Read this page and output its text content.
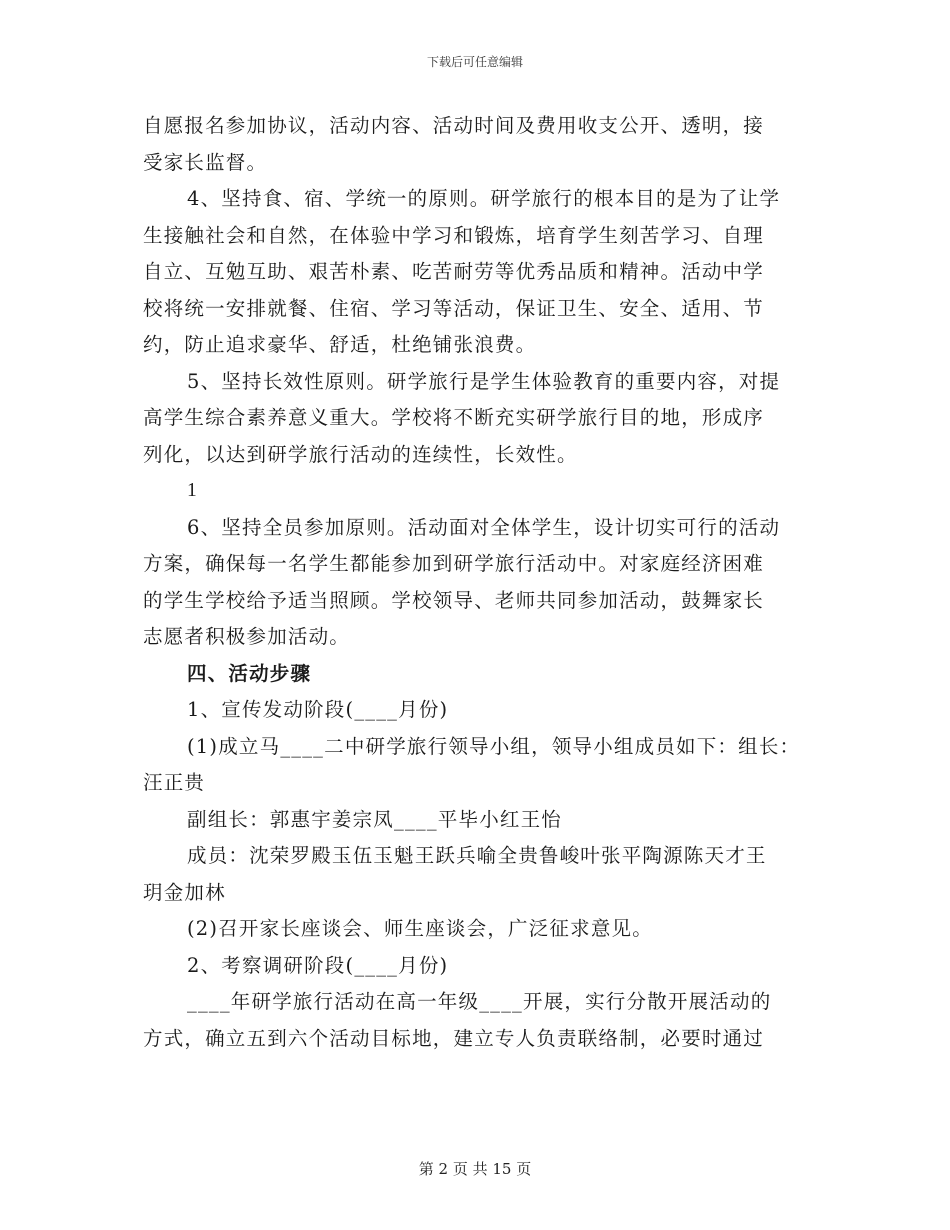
下载后可任意编辑
自愿报名参加协议，活动内容、活动时间及费用收支公开、透明，接
受家长监督。
4、坚持食、宿、学统一的原则。研学旅行的根本目的是为了让学
生接触社会和自然，在体验中学习和锻炼，培育学生刻苦学习、自理
自立、互勉互助、艰苦朴素、吃苦耐劳等优秀品质和精神。活动中学
校将统一安排就餐、住宿、学习等活动，保证卫生、安全、适用、节
约，防止追求豪华、舒适，杜绝铺张浪费。
5、坚持长效性原则。研学旅行是学生体验教育的重要内容，对提
高学生综合素养意义重大。学校将不断充实研学旅行目的地，形成序
列化，以达到研学旅行活动的连续性，长效性。
1
6、坚持全员参加原则。活动面对全体学生，设计切实可行的活动
方案，确保每一名学生都能参加到研学旅行活动中。对家庭经济困难
的学生学校给予适当照顾。学校领导、老师共同参加活动，鼓舞家长
志愿者积极参加活动。
四、活动步骤
1、宣传发动阶段(____月份)
(1)成立马____二中研学旅行领导小组，领导小组成员如下：组长：
汪正贵
副组长：郭惠宇姜宗凤____平毕小红王怡
成员：沈荣罗殿玉伍玉魁王跃兵喻全贵鲁峻叶张平陶源陈天才王
玥金加林
(2)召开家长座谈会、师生座谈会，广泛征求意见。
2、考察调研阶段(____月份)
____年研学旅行活动在高一年级____开展，实行分散开展活动的
方式，确立五到六个活动目标地，建立专人负责联络制，必要时通过
第 2 页 共 15 页
